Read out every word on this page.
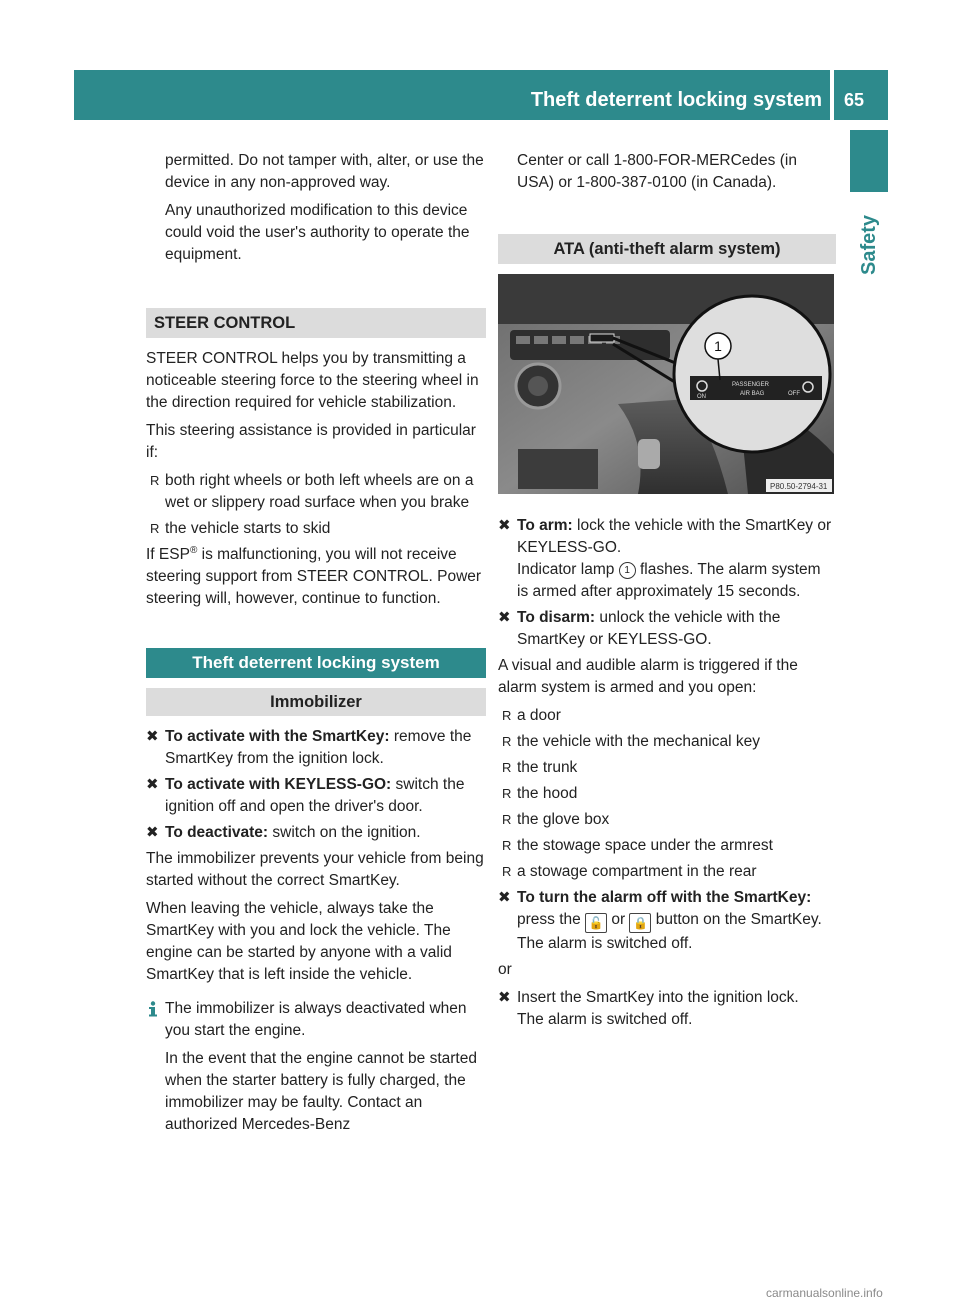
Theft deterrent locking system	65
Safety

permitted. Do not tamper with, alter, or use the device in any non-approved way.

Any unauthorized modification to this device could void the user's authority to operate the equipment.

STEER CONTROL

STEER CONTROL helps you by transmitting a noticeable steering force to the steering wheel in the direction required for vehicle stabilization.

This steering assistance is provided in particular if:

R both right wheels or both left wheels are on a wet or slippery road surface when you brake
R the vehicle starts to skid

If ESP® is malfunctioning, you will not receive steering support from STEER CONTROL. Power steering will, however, continue to function.

Theft deterrent locking system
Immobilizer
✖ To activate with the SmartKey: remove the SmartKey from the ignition lock.
✖ To activate with KEYLESS-GO: switch the ignition off and open the driver's door.
✖ To deactivate: switch on the ignition.

The immobilizer prevents your vehicle from being started without the correct SmartKey.

When leaving the vehicle, always take the SmartKey with you and lock the vehicle. The engine can be started by anyone with a valid SmartKey that is left inside the vehicle.

The immobilizer is always deactivated when you start the engine.

In the event that the engine cannot be started when the starter battery is fully charged, the immobilizer may be faulty. Contact an authorized Mercedes-Benz

Center or call 1-800-FOR-MERCedes (in USA) or 1-800-387-0100 (in Canada).

ATA (anti-theft alarm system)
ON
PASSENGER
AIR BAG	OFF
1
P80.50-2794-31
✖ To arm: lock the vehicle with the SmartKey or KEYLESS-GO.
Indicator lamp 1 flashes. The alarm system is armed after approximately 15 seconds.
✖ To disarm: unlock the vehicle with the SmartKey or KEYLESS-GO.

A visual and audible alarm is triggered if the alarm system is armed and you open:

R a door
R the vehicle with the mechanical key
R the trunk
R the hood
R the glove box
R the stowage space under the armrest
R a stowage compartment in the rear
✖ To turn the alarm off with the SmartKey: press the 🔓 or 🔒 button on the SmartKey.
The alarm is switched off.

or

✖ Insert the SmartKey into the ignition lock.
The alarm is switched off.
carmanualsonline.info
